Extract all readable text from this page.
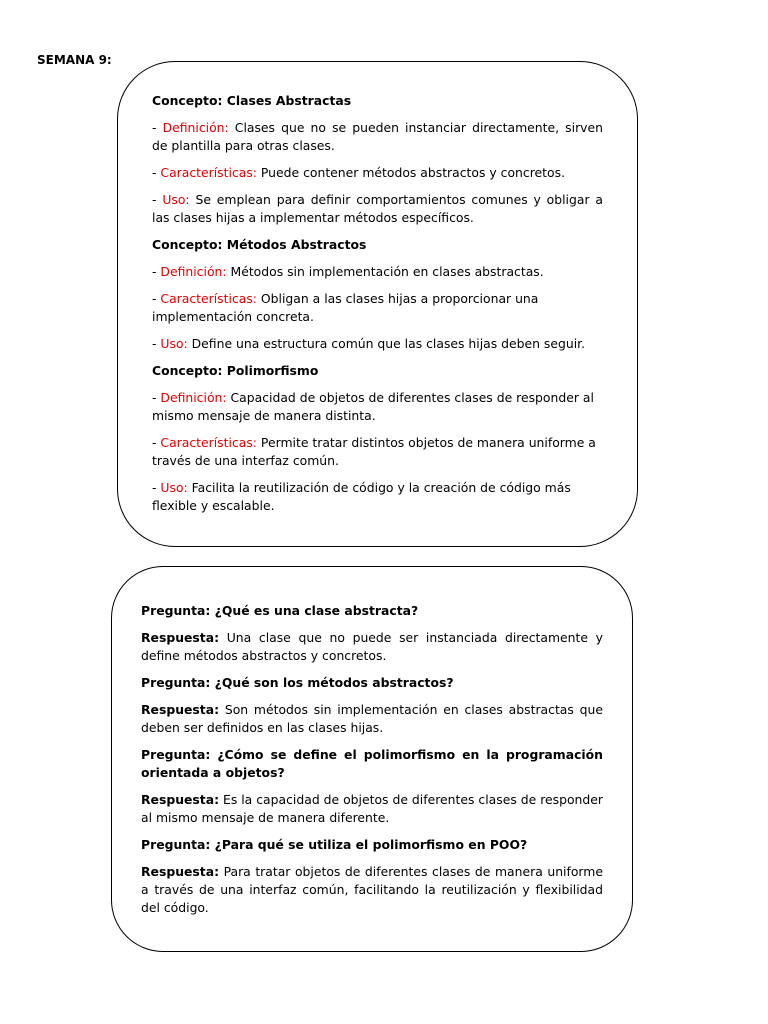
SEMANA 9:
Concepto: Clases Abstractas

- Definición: Clases que no se pueden instanciar directamente, sirven de plantilla para otras clases.

- Características: Puede contener métodos abstractos y concretos.

- Uso: Se emplean para definir comportamientos comunes y obligar a las clases hijas a implementar métodos específicos.

Concepto: Métodos Abstractos

- Definición: Métodos sin implementación en clases abstractas.

- Características: Obligan a las clases hijas a proporcionar una implementación concreta.

- Uso: Define una estructura común que las clases hijas deben seguir.

Concepto: Polimorfismo

- Definición: Capacidad de objetos de diferentes clases de responder al mismo mensaje de manera distinta.

- Características: Permite tratar distintos objetos de manera uniforme a través de una interfaz común.

- Uso: Facilita la reutilización de código y la creación de código más flexible y escalable.

Pregunta: ¿Qué es una clase abstracta?

Respuesta: Una clase que no puede ser instanciada directamente y define métodos abstractos y concretos.

Pregunta: ¿Qué son los métodos abstractos?

Respuesta: Son métodos sin implementación en clases abstractas que deben ser definidos en las clases hijas.

Pregunta: ¿Cómo se define el polimorfismo en la programación orientada a objetos?

Respuesta: Es la capacidad de objetos de diferentes clases de responder al mismo mensaje de manera diferente.

Pregunta: ¿Para qué se utiliza el polimorfismo en POO?

Respuesta: Para tratar objetos de diferentes clases de manera uniforme a través de una interfaz común, facilitando la reutilización y flexibilidad del código.
